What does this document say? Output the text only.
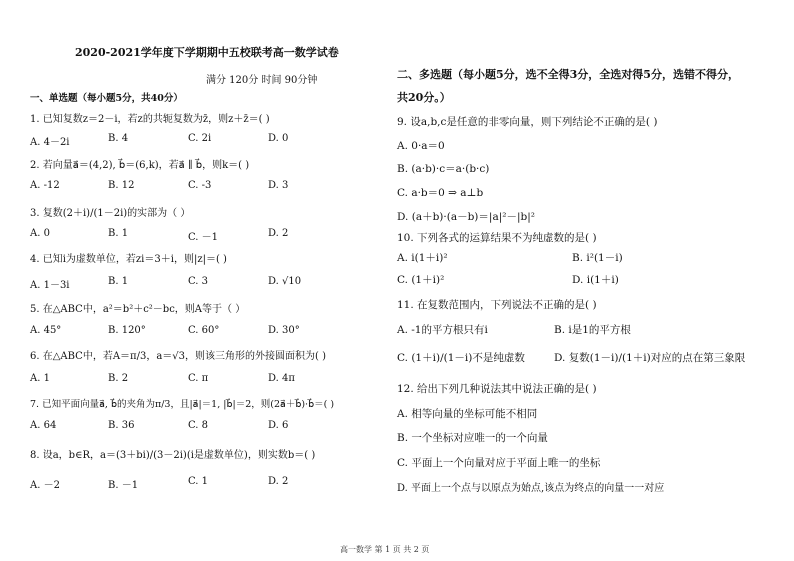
2020-2021学年度下学期期中五校联考高一数学试卷
满分 120分 时间 90分钟
一、单选题（每小题5分，共40分）
1. 已知复数z＝2－i，若z的共轭复数为z̄，则z＋z̄＝( )
A. 4－2i	B. 4	C. 2i	D. 0
2. 若向量a⃗＝(4,2), b⃗＝(6,k)，若a⃗ ∥ b⃗，则k＝( )
A. -12	B. 12	C. -3	D. 3
3. 复数(2＋i)/(1－2i)的实部为（ ）
A. 0	B. 1	C. －1	D. 2
4. 已知i为虚数单位，若zi＝3＋i，则|z|＝( )
A. 1－3i	B. 1	C. 3	D. √10
5. 在△ABC中，a²＝b²＋c²－bc，则A等于（ ）
A. 45°	B. 120°	C. 60°	D. 30°
6. 在△ABC中，若A＝π/3，a＝√3，则该三角形的外接圆面积为( )
A. 1	B. 2	C. π	D. 4π
7. 已知平面向量a⃗, b⃗的夹角为π/3，且|a⃗|＝1, |b⃗|＝2，则(2a⃗＋b⃗)·b⃗＝( )
A. 64	B. 36	C. 8	D. 6
8. 设a，b∈R，a＝(3＋bi)/(3－2i)(i是虚数单位)，则实数b＝( )
A. －2	B. －1	C. 1	D. 2
二、多选题（每小题5分，选不全得3分，全选对得5分，选错不得分，
共20分。）
9. 设a,b,c是任意的非零向量，则下列结论不正确的是( )
A. 0·a＝0
B. (a·b)·c＝a·(b·c)
C. a·b＝0 ⇒ a⊥b
D. (a＋b)·(a－b)＝|a|²－|b|²
10. 下列各式的运算结果不为纯虚数的是( )
A. i(1＋i)²	B. i²(1－i)
C. (1＋i)²	D. i(1＋i)
11. 在复数范围内，下列说法不正确的是( )
A. -1的平方根只有i	B. i是1的平方根
C. (1＋i)/(1－i)不是纯虚数	D. 复数(1－i)/(1＋i)对应的点在第三象限
12. 给出下列几种说法其中说法正确的是( )
A. 相等向量的坐标可能不相同
B. 一个坐标对应唯一的一个向量
C. 平面上一个向量对应于平面上唯一的坐标
D. 平面上一个点与以原点为始点,该点为终点的向量一一对应
高一数学 第 1 页 共 2 页
